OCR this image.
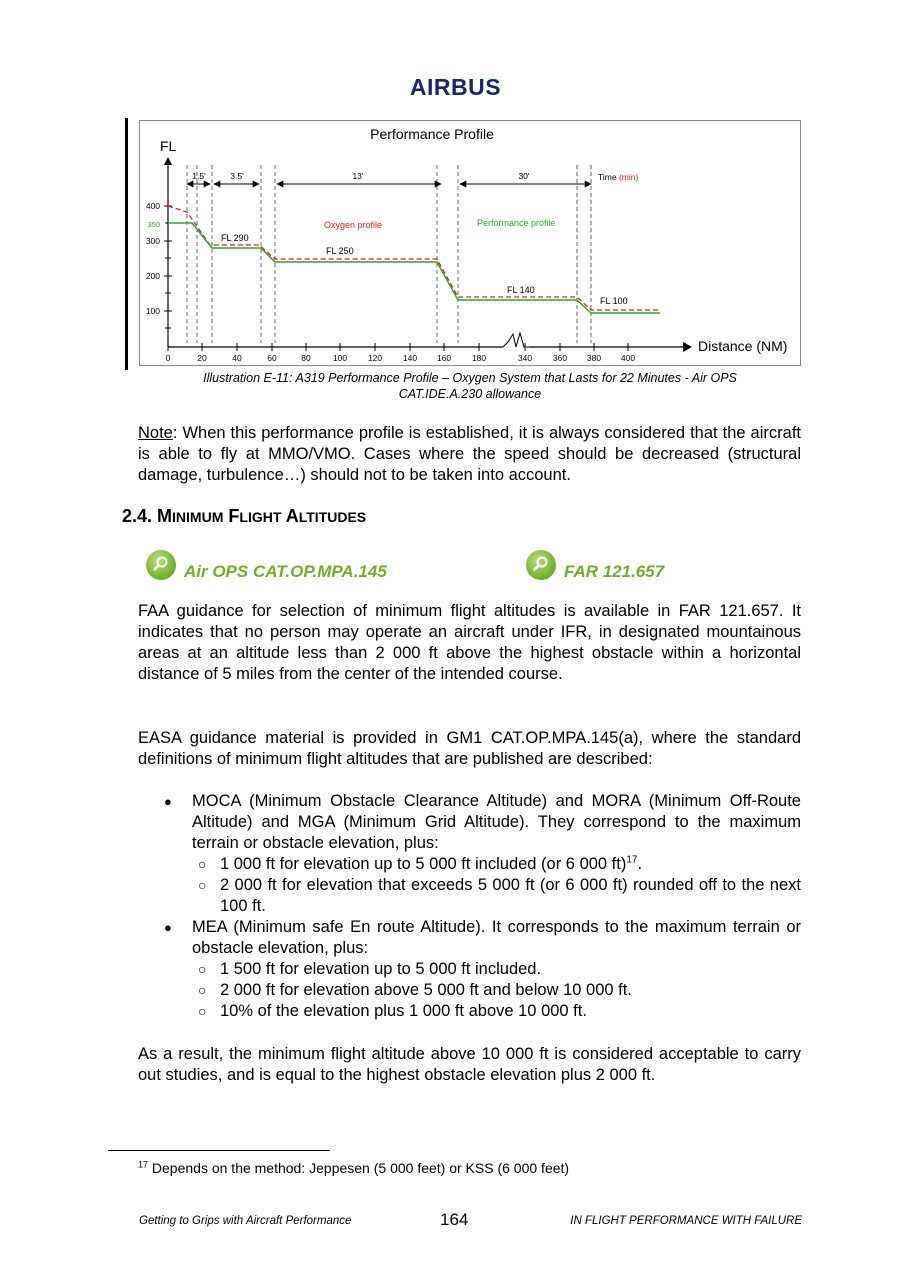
AIRBUS
Performance Profile
FL
400
350
300
200
100
Distance (NM)
0	20	40	60	80	100 120 140 160 180	340 360 380 400
1.5'	3.5'	13'	30'	Time (min)
Oxygen profile	Performance profile
FL 290
FL 250
FL 140
FL 100
Illustration E-11: A319 Performance Profile – Oxygen System that Lasts for 22 Minutes - Air OPS
CAT.IDE.A.230 allowance
Note: When this performance profile is established, it is always considered that the aircraft is able to fly at MMO/VMO. Cases where the speed should be decreased (structural damage, turbulence…) should not to be taken into account.
2.4. MINIMUM FLIGHT ALTITUDES
Air OPS CAT.OP.MPA.145	FAR 121.657
FAA guidance for selection of minimum flight altitudes is available in FAR 121.657. It indicates that no person may operate an aircraft under IFR, in designated mountainous areas at an altitude less than 2 000 ft above the highest obstacle within a horizontal distance of 5 miles from the center of the intended course.
EASA guidance material is provided in GM1 CAT.OP.MPA.145(a), where the standard definitions of minimum flight altitudes that are published are described:
● MOCA (Minimum Obstacle Clearance Altitude) and MORA (Minimum Off-Route Altitude) and MGA (Minimum Grid Altitude). They correspond to the maximum terrain or obstacle elevation, plus:
○ 1 000 ft for elevation up to 5 000 ft included (or 6 000 ft)$^{17}$.
○ 2 000 ft for elevation that exceeds 5 000 ft (or 6 000 ft) rounded off to the next 100 ft.
● MEA (Minimum safe En route Altitude). It corresponds to the maximum terrain or obstacle elevation, plus:
○ 1 500 ft for elevation up to 5 000 ft included.
○ 2 000 ft for elevation above 5 000 ft and below 10 000 ft.
○ 10% of the elevation plus 1 000 ft above 10 000 ft.
As a result, the minimum flight altitude above 10 000 ft is considered acceptable to carry out studies, and is equal to the highest obstacle elevation plus 2 000 ft.
$^{17}$ Depends on the method: Jeppesen (5 000 feet) or KSS (6 000 feet)
Getting to Grips with Aircraft Performance	164	IN FLIGHT PERFORMANCE WITH FAILURE
